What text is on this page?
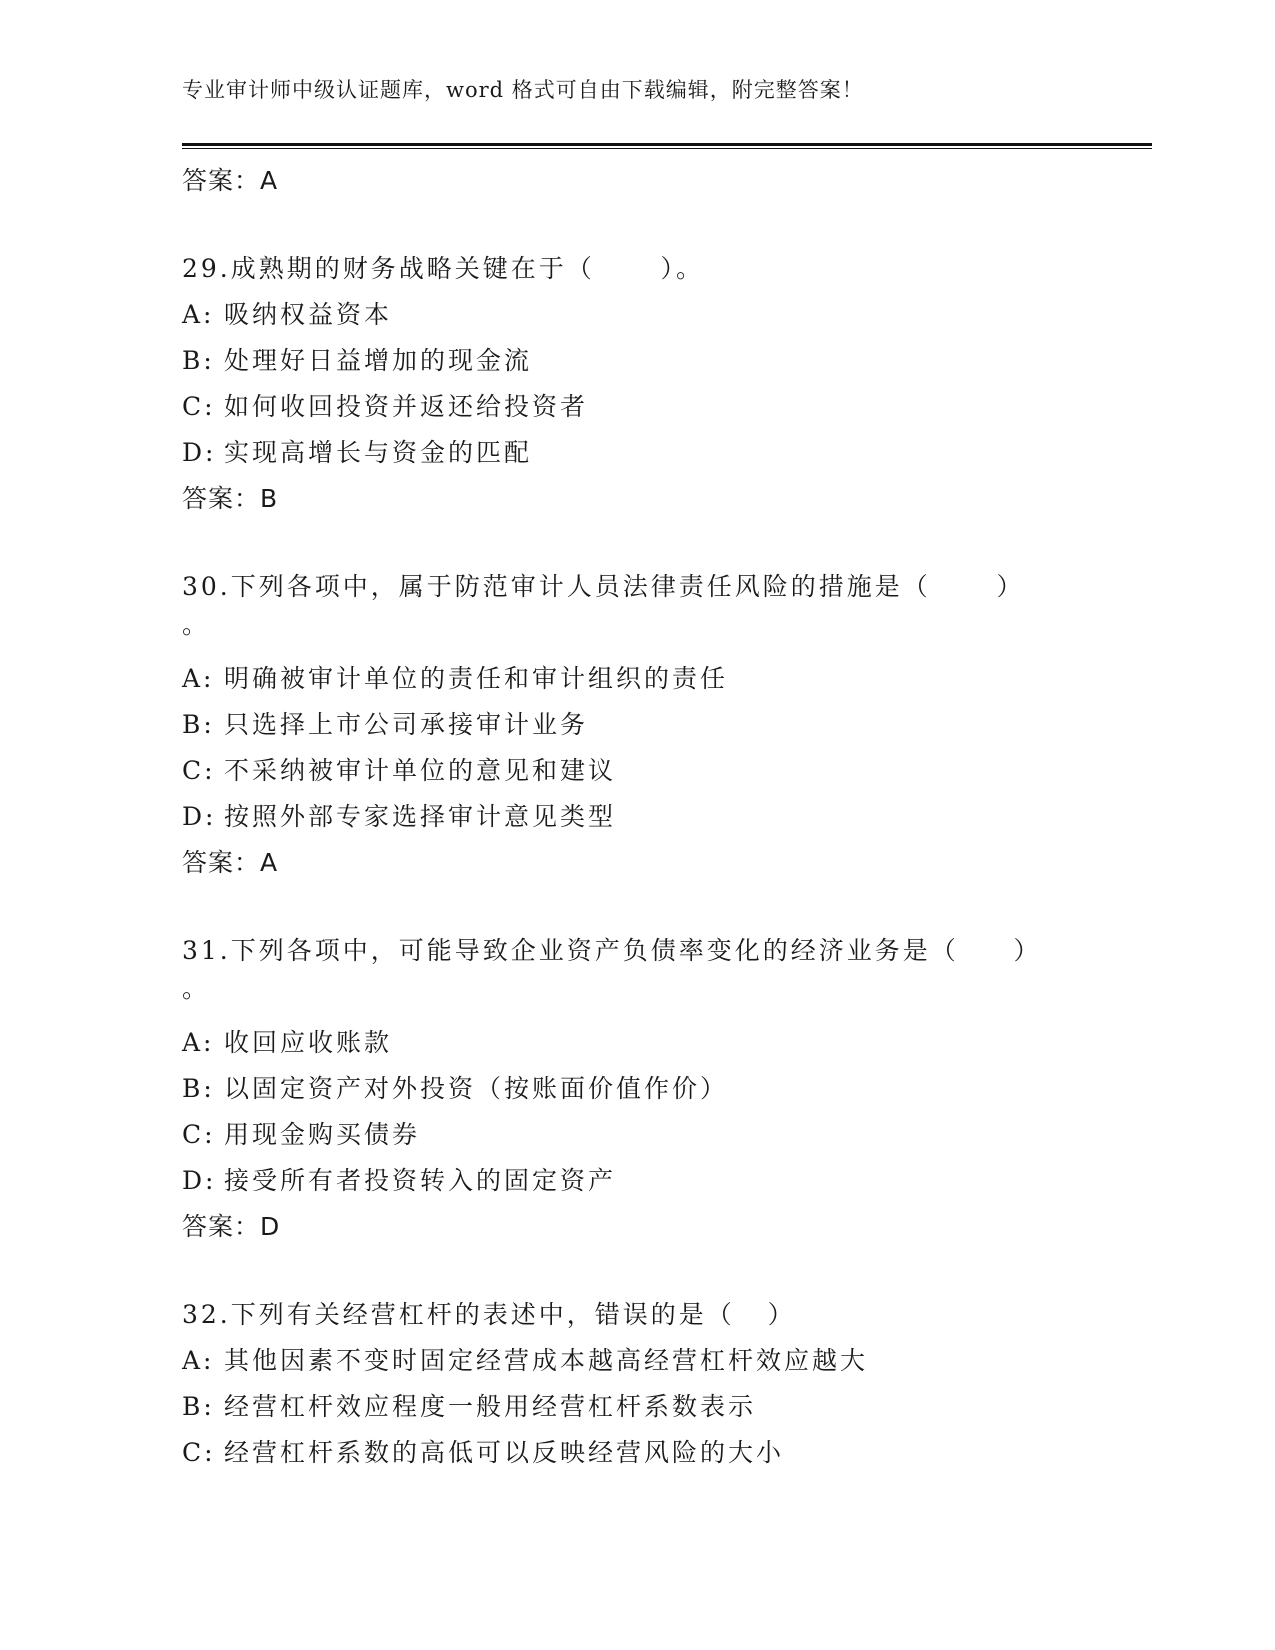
专业审计师中级认证题库，word 格式可自由下载编辑，附完整答案！
答案：A
29.成熟期的财务战略关键在于（      ）。
A: 吸纳权益资本
B: 处理好日益增加的现金流
C: 如何收回投资并返还给投资者
D: 实现高增长与资金的匹配
答案：B
30.下列各项中，属于防范审计人员法律责任风险的措施是（      ）
。
A: 明确被审计单位的责任和审计组织的责任
B: 只选择上市公司承接审计业务
C: 不采纳被审计单位的意见和建议
D: 按照外部专家选择审计意见类型
答案：A
31.下列各项中，可能导致企业资产负债率变化的经济业务是（     ）
。
A: 收回应收账款
B: 以固定资产对外投资（按账面价值作价）
C: 用现金购买债券
D: 接受所有者投资转入的固定资产
答案：D
32.下列有关经营杠杆的表述中，错误的是（   ）
A: 其他因素不变时固定经营成本越高经营杠杆效应越大
B: 经营杠杆效应程度一般用经营杠杆系数表示
C: 经营杠杆系数的高低可以反映经营风险的大小
